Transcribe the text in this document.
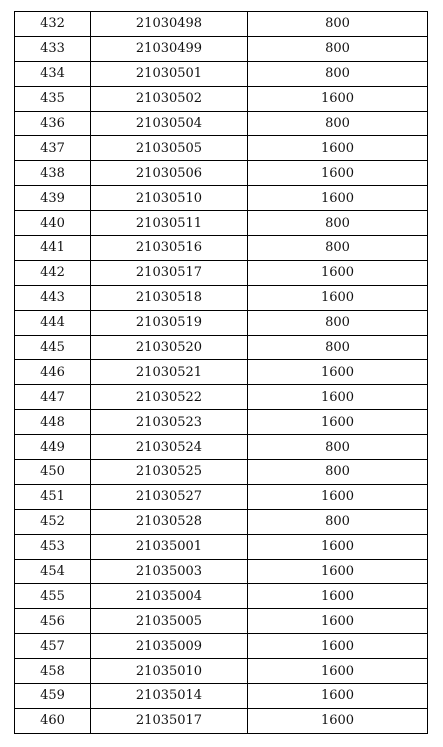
432	21030498	800
433	21030499	800
434	21030501	800
435	21030502	1600
436	21030504	800
437	21030505	1600
438	21030506	1600
439	21030510	1600
440	21030511	800
441	21030516	800
442	21030517	1600
443	21030518	1600
444	21030519	800
445	21030520	800
446	21030521	1600
447	21030522	1600
448	21030523	1600
449	21030524	800
450	21030525	800
451	21030527	1600
452	21030528	800
453	21035001	1600
454	21035003	1600
455	21035004	1600
456	21035005	1600
457	21035009	1600
458	21035010	1600
459	21035014	1600
460	21035017	1600
